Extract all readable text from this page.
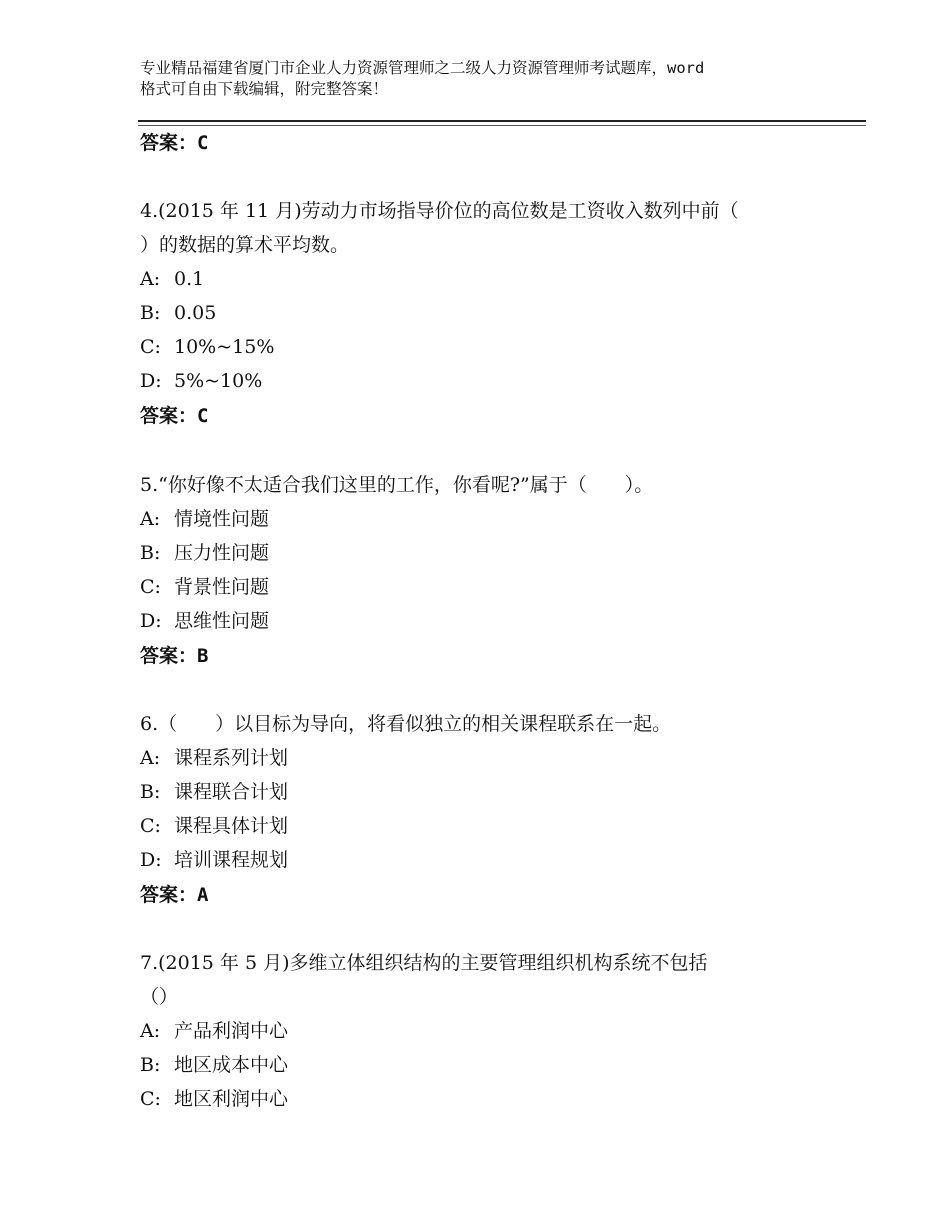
专业精品福建省厦门市企业人力资源管理师之二级人力资源管理师考试题库，word
格式可自由下载编辑，附完整答案！
答案：C
4.(2015 年 11 月)劳动力市场指导价位的高位数是工资收入数列中前（
）的数据的算术平均数。
A: 0.1
B: 0.05
C: 10%~15%
D: 5%~10%
答案：C
5.“你好像不太适合我们这里的工作，你看呢?”属于（　　）。
A: 情境性问题
B: 压力性问题
C: 背景性问题
D: 思维性问题
答案：B
6.（　　）以目标为导向，将看似独立的相关课程联系在一起。
A: 课程系列计划
B: 课程联合计划
C: 课程具体计划
D: 培训课程规划
答案：A
7.(2015 年 5 月)多维立体组织结构的主要管理组织机构系统不包括
（）
A: 产品利润中心
B: 地区成本中心
C: 地区利润中心
